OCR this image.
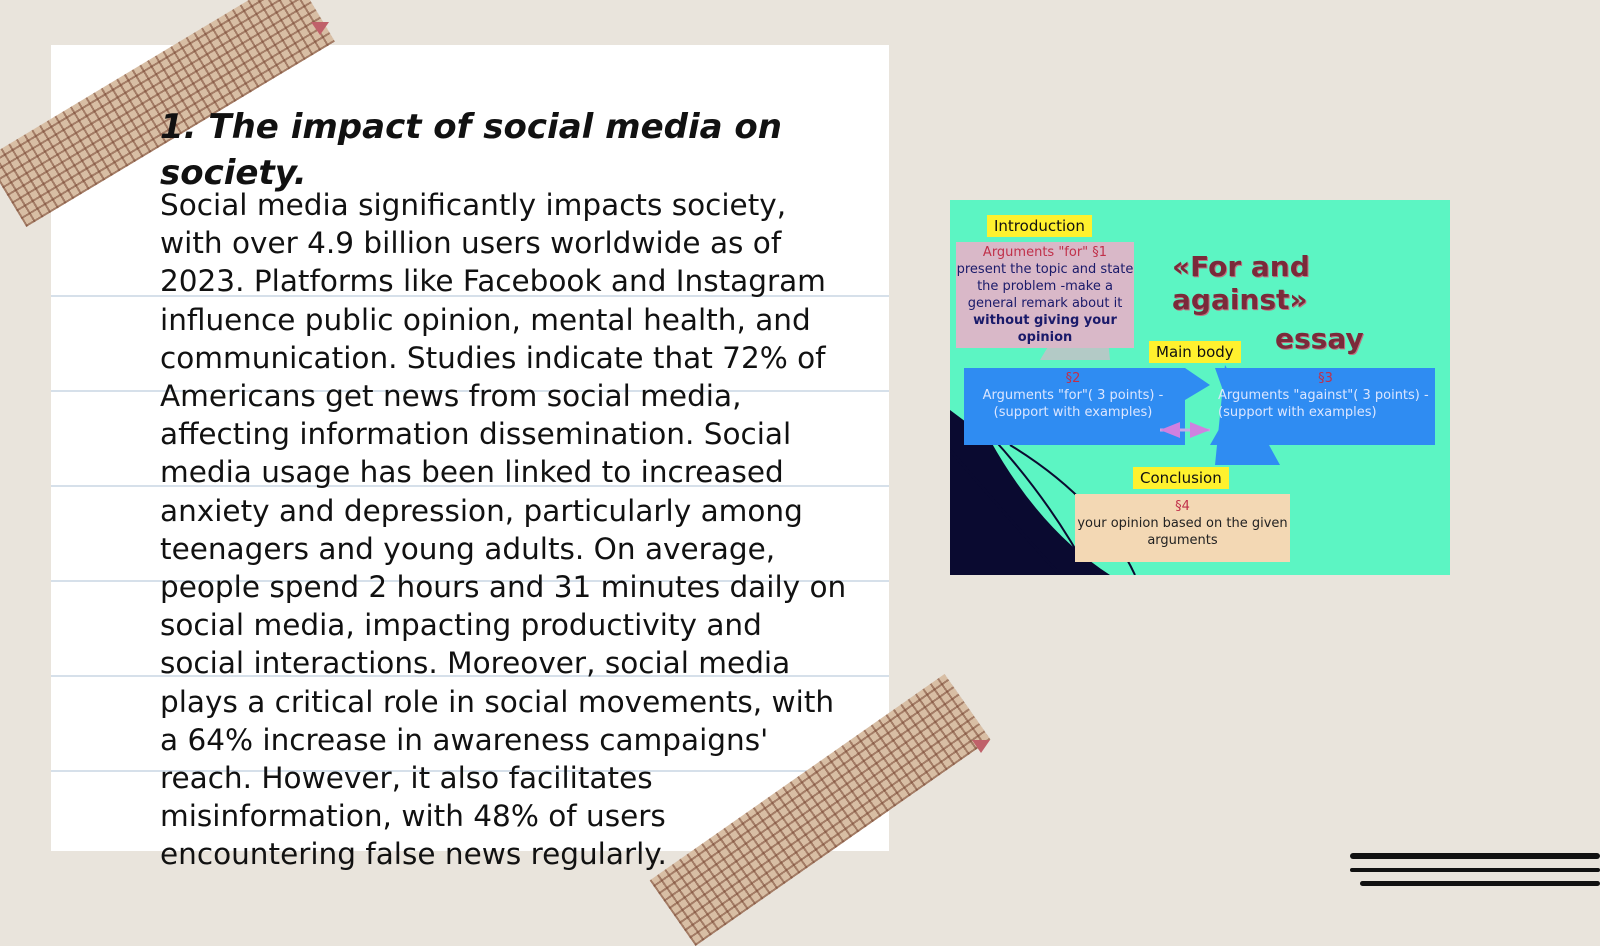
1. The impact of social media on society.

Social media significantly impacts society, with over 4.9 billion users worldwide as of 2023. Platforms like Facebook and Instagram influence public opinion, mental health, and communication. Studies indicate that 72% of Americans get news from social media, affecting information dissemination. Social media usage has been linked to increased anxiety and depression, particularly among teenagers and young adults. On average, people spend 2 hours and 31 minutes daily on social media, impacting productivity and social interactions. Moreover, social media plays a critical role in social movements, with a 64% increase in awareness campaigns' reach. However, it also facilitates misinformation, with 48% of users encountering false news regularly.

Introduction
Arguments "for" §1
present the topic and state the problem -make a general remark about it
without giving your opinion
«For and against»
essay
Main body
§2
Arguments "for"( 3 points) - (support with examples)
§3
Arguments "against"( 3 points) -(support with examples)
Conclusion
§4
your opinion based on the given arguments
